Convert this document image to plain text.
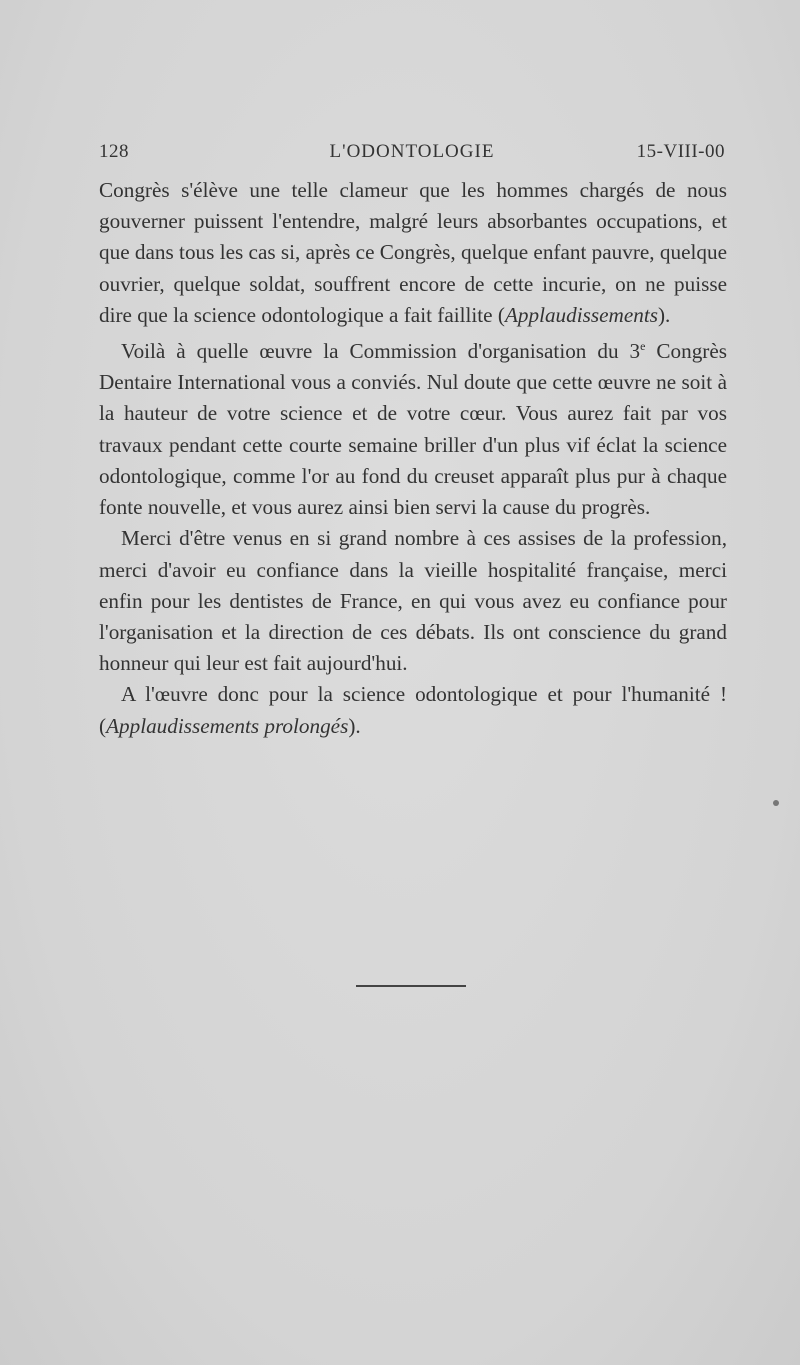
128	L'ODONTOLOGIE	15-VIII-00

Congrès s'élève une telle clameur que les hommes chargés de nous gouverner puissent l'entendre, malgré leurs absorbantes occupations, et que dans tous les cas si, après ce Congrès, quelque enfant pauvre, quelque ouvrier, quelque soldat, souffrent encore de cette incurie, on ne puisse dire que la science odontologique a fait faillite (Applaudissements).

Voilà à quelle œuvre la Commission d'organisation du 3e Congrès Dentaire International vous a conviés. Nul doute que cette œuvre ne soit à la hauteur de votre science et de votre cœur. Vous aurez fait par vos travaux pendant cette courte semaine briller d'un plus vif éclat la science odontologique, comme l'or au fond du creuset apparaît plus pur à chaque fonte nouvelle, et vous aurez ainsi bien servi la cause du progrès.

Merci d'être venus en si grand nombre à ces assises de la profession, merci d'avoir eu confiance dans la vieille hospitalité française, merci enfin pour les dentistes de France, en qui vous avez eu confiance pour l'organisation et la direction de ces débats. Ils ont conscience du grand honneur qui leur est fait aujourd'hui.

A l'œuvre donc pour la science odontologique et pour l'humanité ! (Applaudissements prolongés).
